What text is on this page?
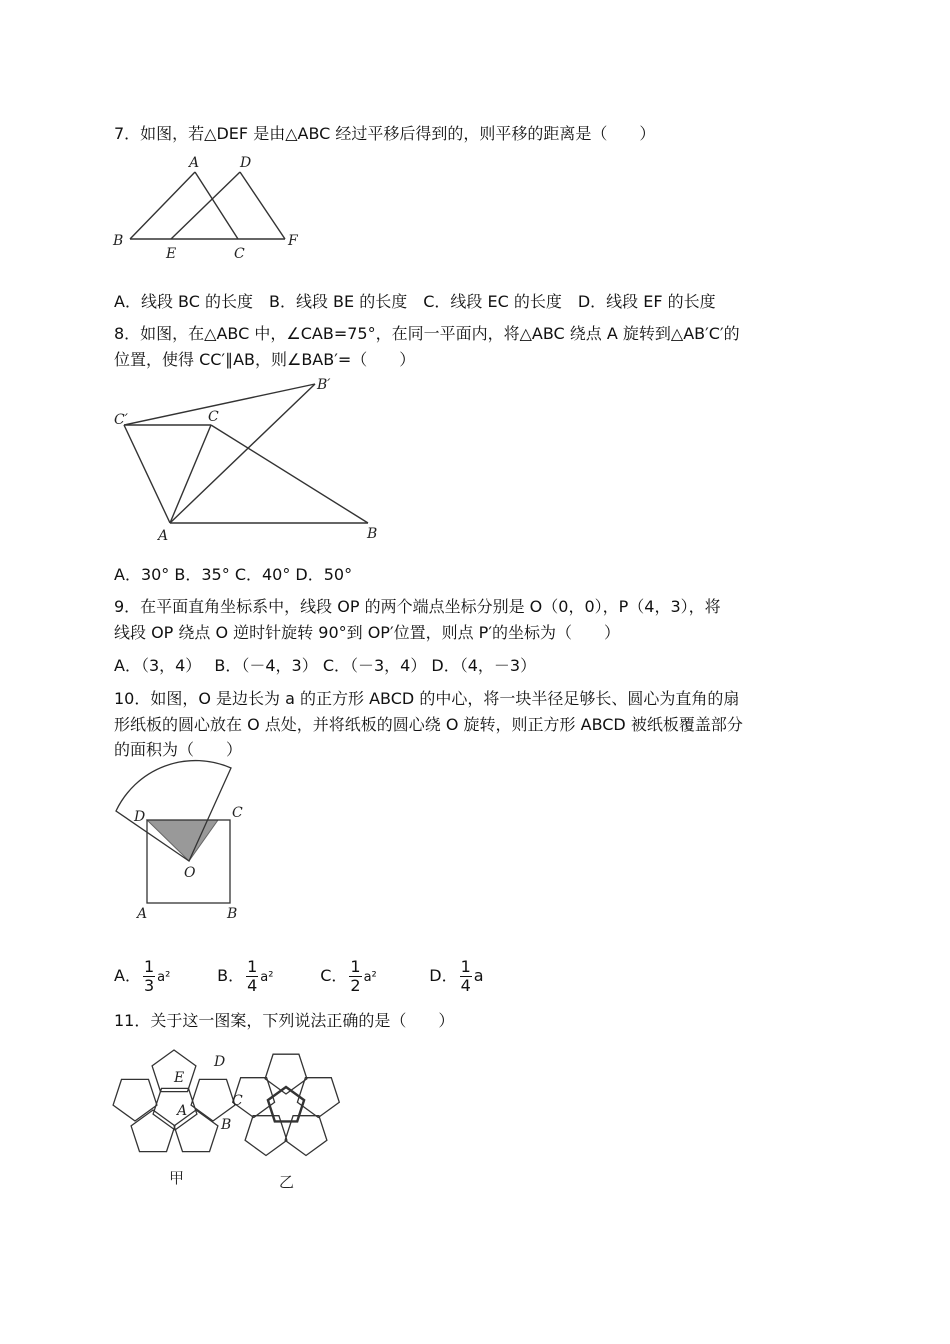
7．如图，若△DEF 是由△ABC 经过平移后得到的，则平移的距离是（　　）
A	D
B
E	C
F
A．线段 BC 的长度　B．线段 BE 的长度　C．线段 EC 的长度　D．线段 EF 的长度
8．如图，在△ABC 中，∠CAB=75°，在同一平面内，将△ABC 绕点 A 旋转到△AB′C′的
位置，使得 CC′∥AB，则∠BAB′=（　　）
C′	C
B′
A	B
A．30° B．35° C．40° D．50°
9．在平面直角坐标系中，线段 OP 的两个端点坐标分别是 O（0，0），P（4，3），将
线段 OP 绕点 O 逆时针旋转 90°到 OP′位置，则点 P′的坐标为（　　）
A．（3，4）　 B．（－4，3） C．（－3，4） D．（4，－3）
10．如图，O 是边长为 a 的正方形 ABCD 的中心，将一块半径足够长、圆心为直角的扇
形纸板的圆心放在 O 点处，并将纸板的圆心绕 O 旋转，则正方形 ABCD 被纸板覆盖部分
的面积为（　　）
D	C
O
A	B
A． $\frac{1}{3} a^2$	B． $\frac{1}{4} a^2$	C． $\frac{1}{2} a^2$	D． $\frac{1}{4}$ a
11．关于这一图案，下列说法正确的是（　　）
E
A
D
C
B
甲	乙
